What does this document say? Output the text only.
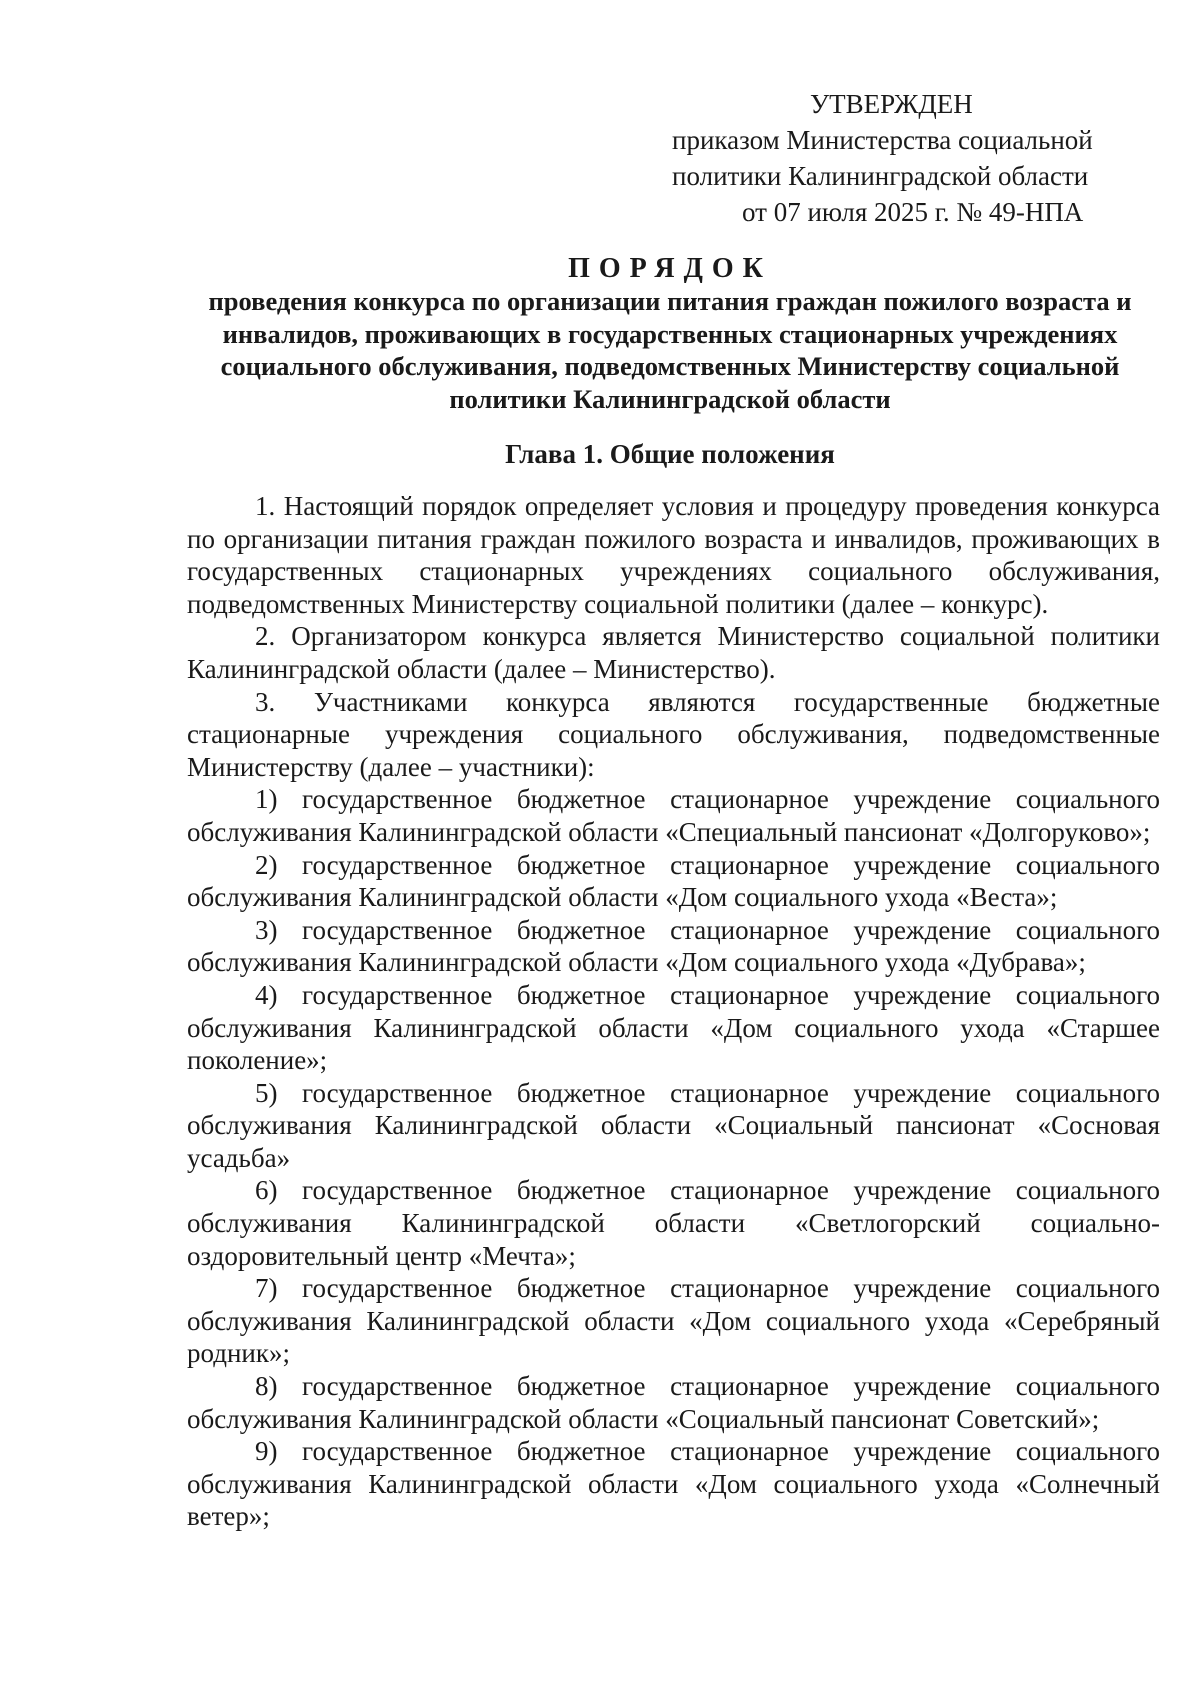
УТВЕРЖДЕН
приказом Министерства социальной
политики Калининградской области
от 07 июля 2025 г. № 49-НПА
ПОРЯДОК
проведения конкурса по организации питания граждан пожилого возраста и инвалидов, проживающих в государственных стационарных учреждениях социального обслуживания, подведомственных Министерству социальной политики Калининградской области
Глава 1. Общие положения

1. Настоящий порядок определяет условия и процедуру проведения конкурса по организации питания граждан пожилого возраста и инвалидов, проживающих в государственных стационарных учреждениях социального обслуживания, подведомственных Министерству социальной политики (далее – конкурс).

2. Организатором конкурса является Министерство социальной политики Калининградской области (далее – Министерство).

3. Участниками конкурса являются государственные бюджетные стационарные учреждения социального обслуживания, подведомственные Министерству (далее – участники):

1) государственное бюджетное стационарное учреждение социального обслуживания Калининградской области «Специальный пансионат «Долгоруково»;

2) государственное бюджетное стационарное учреждение социального обслуживания Калининградской области «Дом социального ухода «Веста»;

3) государственное бюджетное стационарное учреждение социального обслуживания Калининградской области «Дом социального ухода «Дубрава»;

4) государственное бюджетное стационарное учреждение социального обслуживания Калининградской области «Дом социального ухода «Старшее поколение»;

5) государственное бюджетное стационарное учреждение социального обслуживания Калининградской области «Социальный пансионат «Сосновая усадьба»

6) государственное бюджетное стационарное учреждение социального обслуживания Калининградской области «Светлогорский социально-оздоровительный центр «Мечта»;

7) государственное бюджетное стационарное учреждение социального обслуживания Калининградской области «Дом социального ухода «Серебряный родник»;

8) государственное бюджетное стационарное учреждение социального обслуживания Калининградской области «Социальный пансионат Советский»;

9) государственное бюджетное стационарное учреждение социального обслуживания Калининградской области «Дом социального ухода «Солнечный ветер»;
